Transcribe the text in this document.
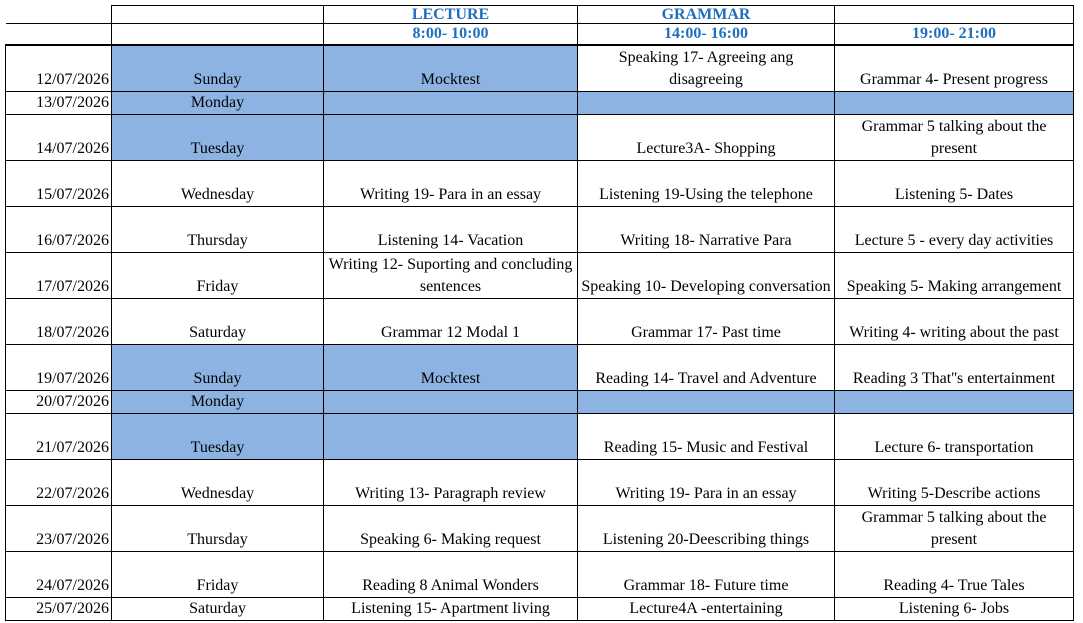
		LECTURE	GRAMMAR	
		8:00- 10:00	14:00- 16:00	19:00- 21:00
12/07/2026	Sunday	Mocktest	Speaking 17- Agreeing ang disagreeing	Grammar 4- Present progress
13/07/2026	Monday			
14/07/2026	Tuesday		Lecture3A- Shopping	Grammar 5 talking about the present
15/07/2026	Wednesday	Writing 19- Para in an essay	Listening 19-Using the telephone	Listening 5- Dates
16/07/2026	Thursday	Listening 14- Vacation	Writing 18- Narrative Para	Lecture 5 - every day activities
17/07/2026	Friday	Writing 12- Suporting and concluding sentences	Speaking 10- Developing conversation	Speaking 5- Making arrangement
18/07/2026	Saturday	Grammar 12 Modal 1	Grammar 17- Past time	Writing 4- writing about the past
19/07/2026	Sunday	Mocktest	Reading 14- Travel and Adventure	Reading 3 That''s entertainment
20/07/2026	Monday			
21/07/2026	Tuesday		Reading 15- Music and Festival	Lecture 6- transportation
22/07/2026	Wednesday	Writing 13- Paragraph review	Writing 19- Para in an essay	Writing 5-Describe actions
23/07/2026	Thursday	Speaking 6- Making request	Listening 20-Deescribing things	Grammar 5 talking about the present
24/07/2026	Friday	Reading 8 Animal Wonders	Grammar 18- Future time	Reading 4- True Tales
25/07/2026	Saturday	Listening 15- Apartment living	Lecture4A -entertaining	Listening 6- Jobs
